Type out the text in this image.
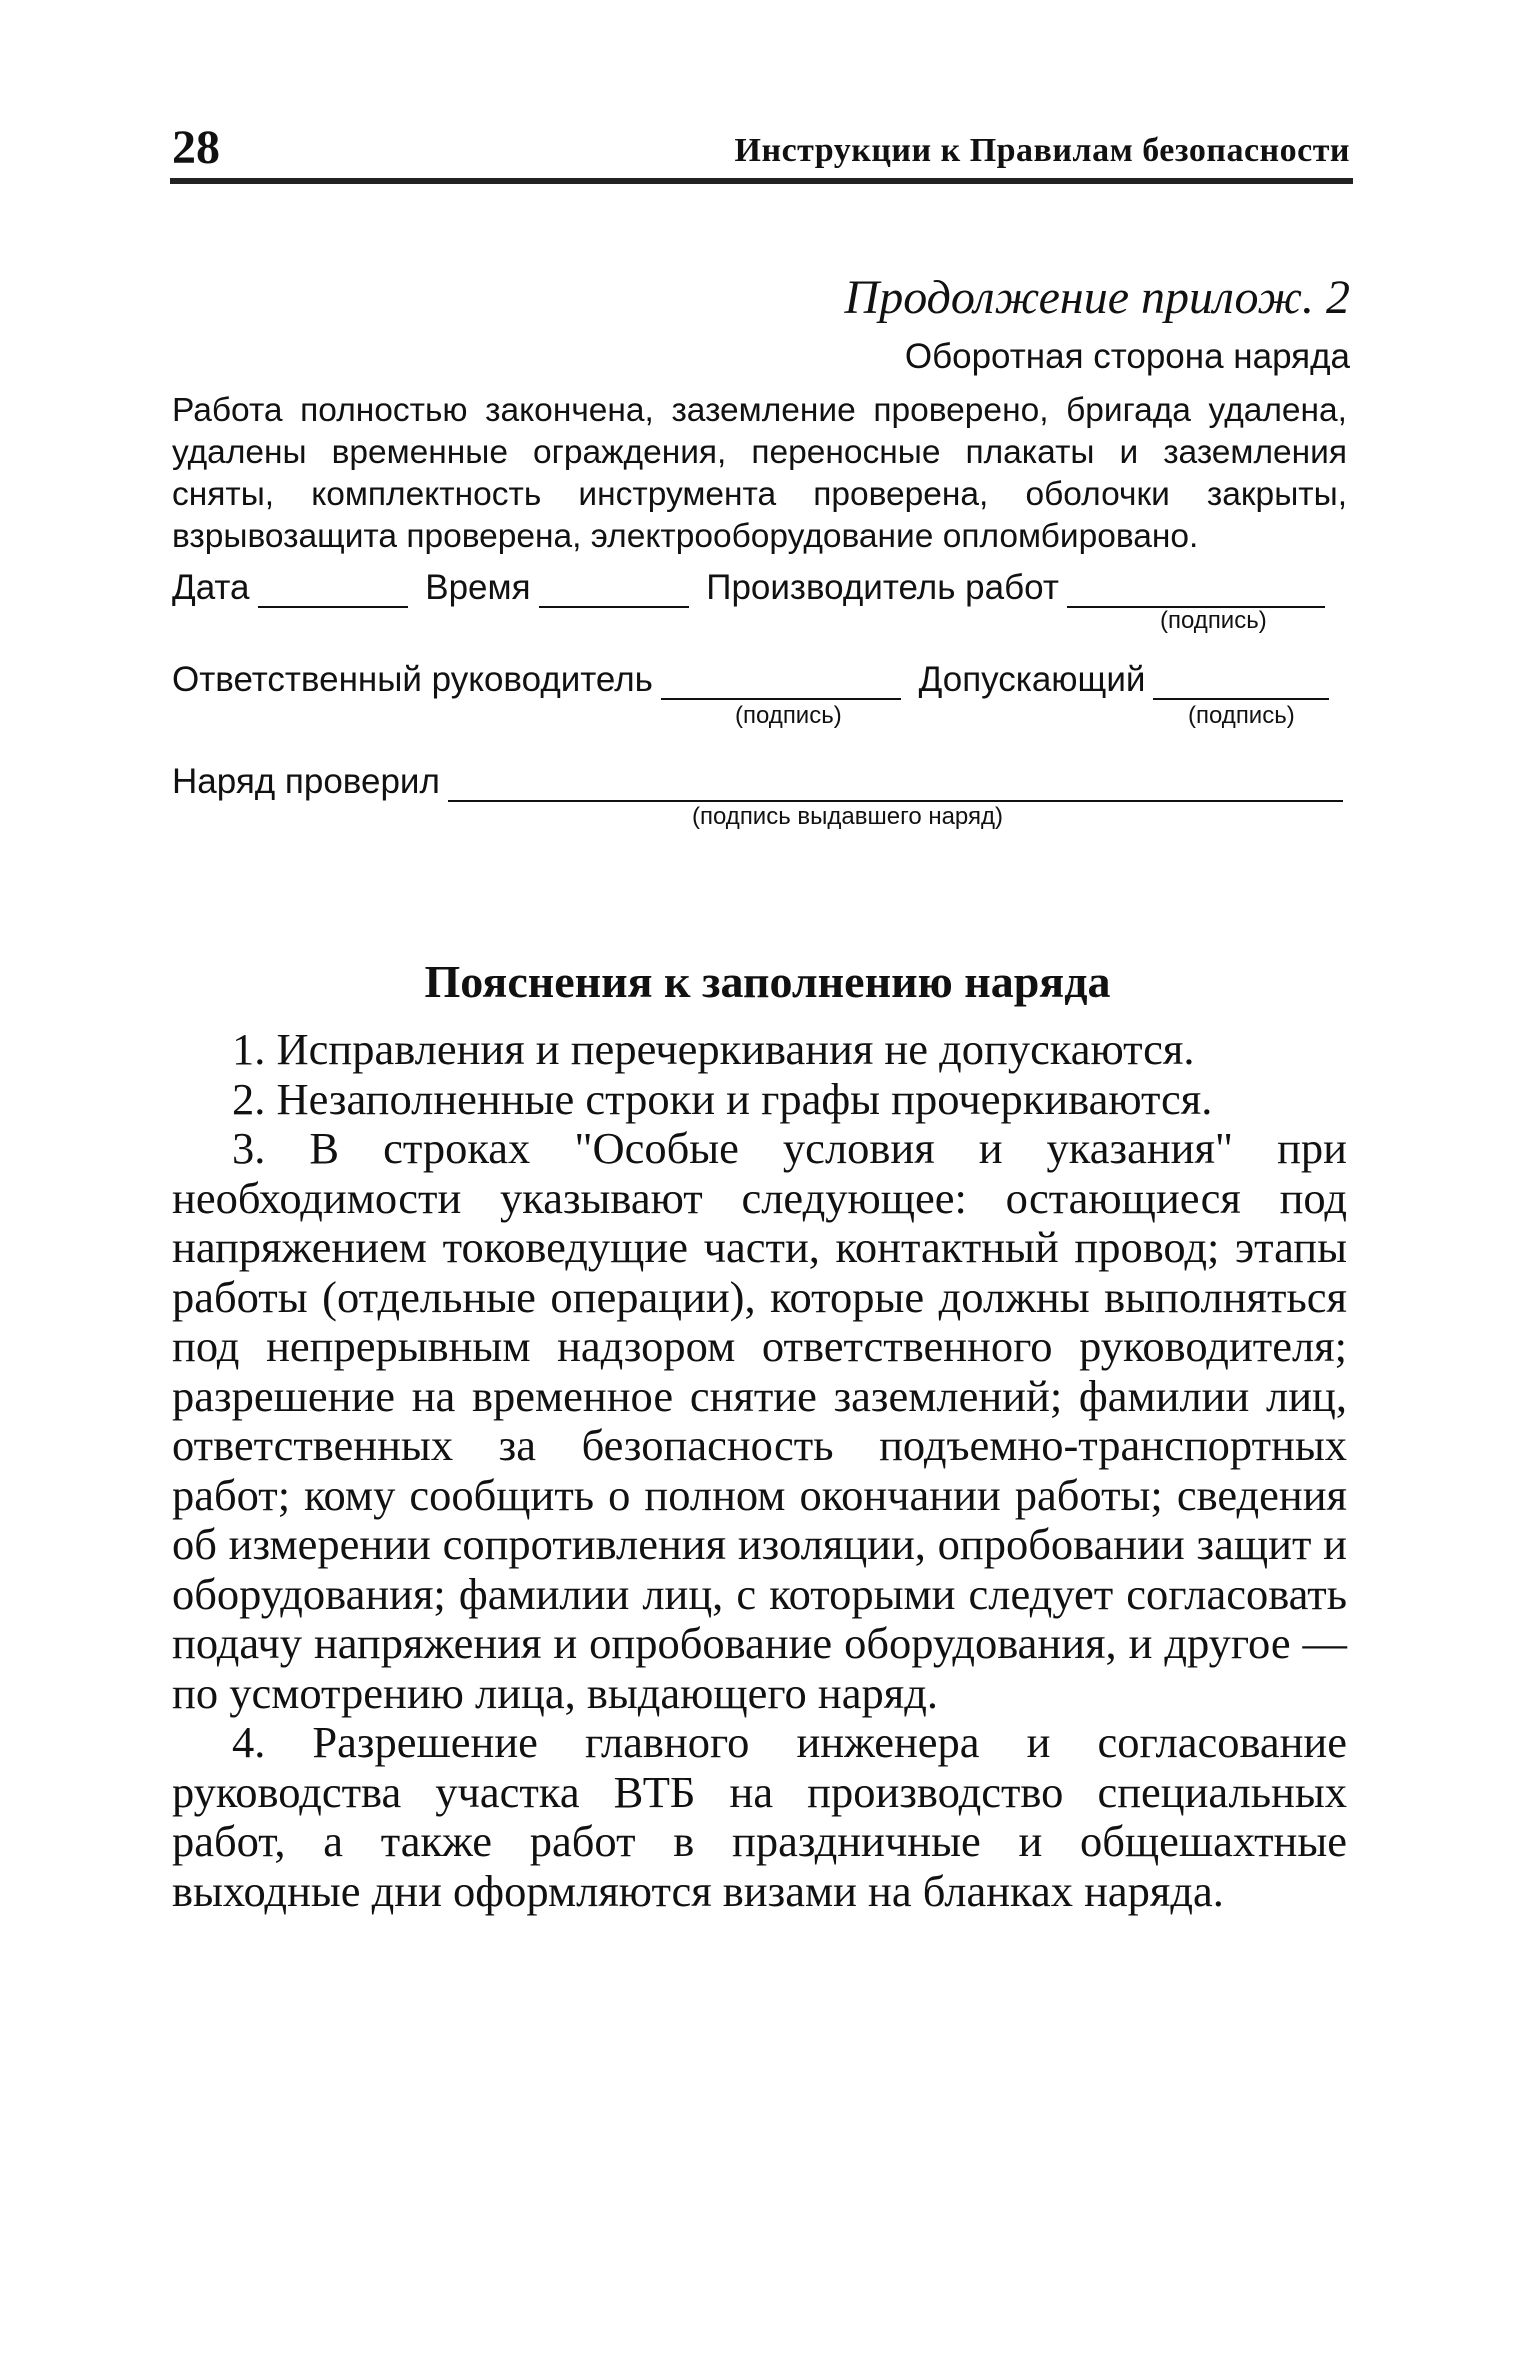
28	Инструкции к Правилам безопасности
Продолжение прилож. 2
Оборотная сторона наряда

Работа полностью закончена, заземление проверено, бригада удалена, удалены временные ограждения, переносные плакаты и заземления сняты, комплектность инструмента проверена, оболочки закрыты, взрывозащита проверена, электрооборудование опломбировано.

Дата	Время	Производитель работ
(подпись)
Ответственный руководитель	Допускающий
(подпись)	(подпись)
Наряд проверил
(подпись выдавшего наряд)
Пояснения к заполнению наряда

1. Исправления и перечеркивания не допускаются.

2. Незаполненные строки и графы прочеркиваются.

3. В строках "Особые условия и указания" при необходимости указывают следующее: остающиеся под напряжением токоведущие части, контактный провод; этапы работы (отдельные операции), которые должны выполняться под непрерывным надзором ответственного руководителя; разрешение на временное снятие заземлений; фамилии лиц, ответственных за безопасность подъемно-транспортных работ; кому сообщить о полном окончании работы; сведения об измерении сопротивления изоляции, опробовании защит и оборудования; фамилии лиц, с которыми следует согласовать подачу напряжения и опробование оборудования, и другое — по усмотрению лица, выдающего наряд.

4. Разрешение главного инженера и согласование руководства участка ВТБ на производство специальных работ, а также работ в праздничные и общешахтные выходные дни оформляются визами на бланках наряда.
